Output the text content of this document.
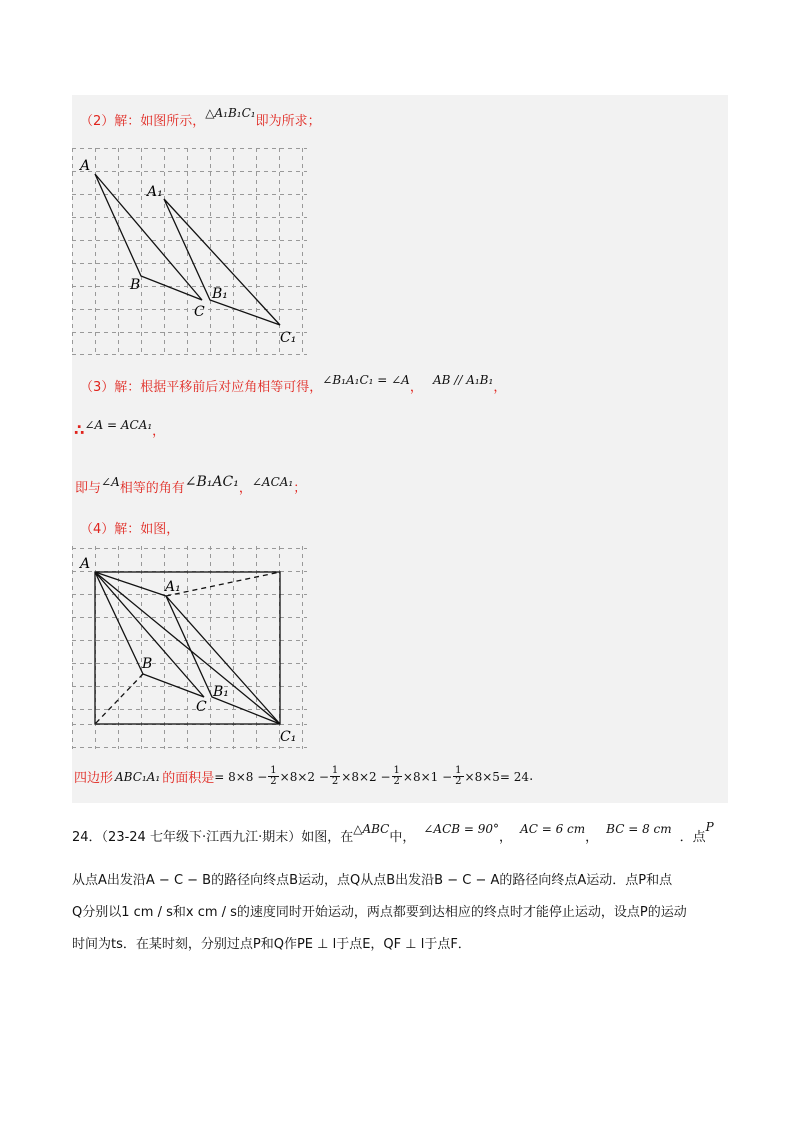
（2）解：如图所示，△A₁B₁C₁即为所求；
A
A₁
B
B₁
C
C₁
（3）解：根据平移前后对应角相等可得，∠B₁A₁C₁ = ∠A， AB // A₁B₁，
∴∠A = ACA₁，
即与∠A相等的角有∠B₁AC₁，∠ACA₁；
（4）解：如图，
A
A₁
B
B₁
C
C₁
四边形 ABC₁A₁ 的面积是 = $8\times 8 - \frac{1}{2} \times 8\times 2 - \frac{1}{2} \times 8\times 2 - \frac{1}{2} \times 8\times 1 - \frac{1}{2} \times 8\times 5 = 24$ .
24．（23-24 七年级下·江西九江·期末）如图，在△ABC中，∠ACB = 90°，AC = 6 cm，BC = 8 cm．点P
从点A出发沿A − C − B的路径向终点B运动，点Q从点B出发沿B − C − A的路径向终点A运动．点P和点
Q分别以1 cm / s和x cm / s的速度同时开始运动，两点都要到达相应的终点时才能停止运动，设点P的运动
时间为ts．在某时刻，分别过点P和Q作PE ⊥ l于点E，QF ⊥ l于点F．
